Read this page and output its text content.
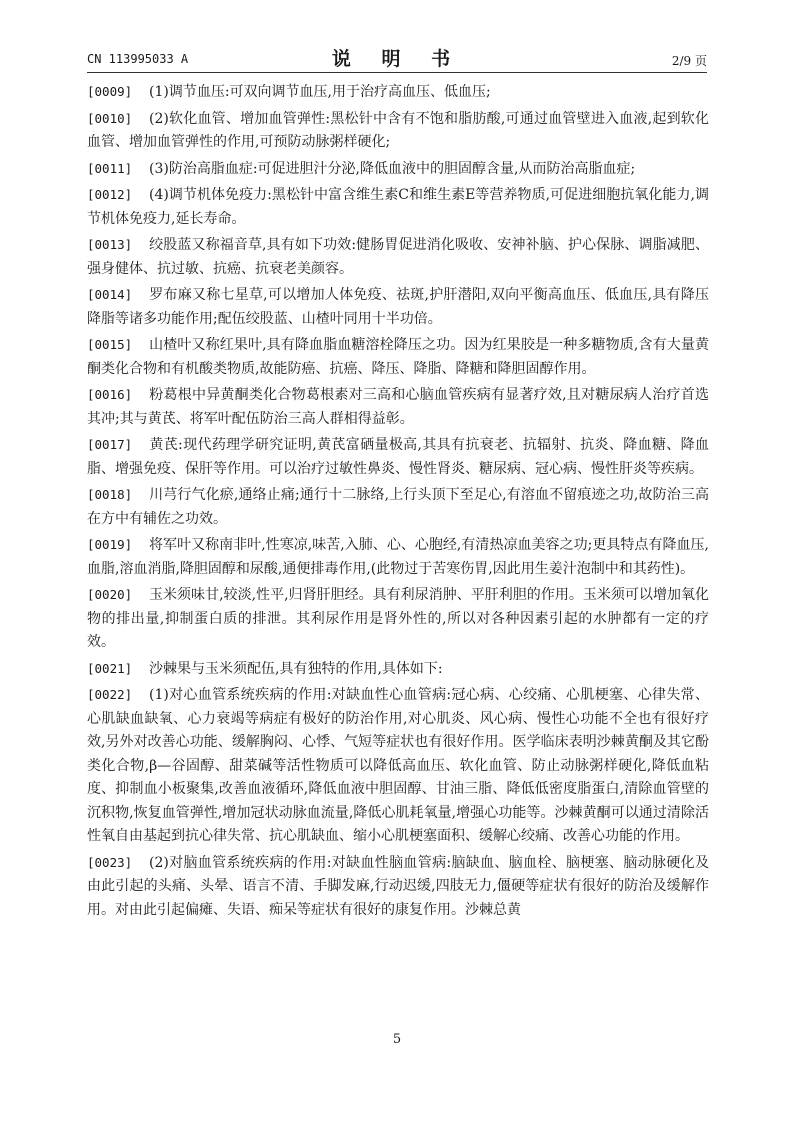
CN 113995033 A	说 明 书	2/9 页
[0009] (1)调节血压:可双向调节血压,用于治疗高血压、低血压;
[0010] (2)软化血管、增加血管弹性:黑松针中含有不饱和脂肪酸,可通过血管壁进入血液,起到软化血管、增加血管弹性的作用,可预防动脉粥样硬化;
[0011] (3)防治高脂血症:可促进胆汁分泌,降低血液中的胆固醇含量,从而防治高脂血症;
[0012] (4)调节机体免疫力:黑松针中富含维生素C和维生素E等营养物质,可促进细胞抗氧化能力,调节机体免疫力,延长寿命。
[0013] 绞股蓝又称福音草,具有如下功效:健肠胃促进消化吸收、安神补脑、护心保脉、调脂减肥、强身健体、抗过敏、抗癌、抗衰老美颜容。
[0014] 罗布麻又称七星草,可以增加人体免疫、祛斑,护肝潜阳,双向平衡高血压、低血压,具有降压降脂等诸多功能作用;配伍绞股蓝、山楂叶同用十半功倍。
[0015] 山楂叶又称红果叶,具有降血脂血糖溶栓降压之功。因为红果胶是一种多糖物质,含有大量黄酮类化合物和有机酸类物质,故能防癌、抗癌、降压、降脂、降糖和降胆固醇作用。
[0016] 粉葛根中异黄酮类化合物葛根素对三高和心脑血管疾病有显著疗效,且对糖尿病人治疗首选其冲;其与黄芪、将军叶配伍防治三高人群相得益彰。
[0017] 黄芪:现代药理学研究证明,黄芪富硒量极高,其具有抗衰老、抗辐射、抗炎、降血糖、降血脂、增强免疫、保肝等作用。可以治疗过敏性鼻炎、慢性肾炎、糖尿病、冠心病、慢性肝炎等疾病。
[0018] 川芎行气化瘀,通络止痛;通行十二脉络,上行头顶下至足心,有溶血不留痕迹之功,故防治三高在方中有辅佐之功效。
[0019] 将军叶又称南非叶,性寒凉,味苦,入肺、心、心胞经,有清热凉血美容之功;更具特点有降血压,血脂,溶血消脂,降胆固醇和尿酸,通便排毒作用,(此物过于苦寒伤胃,因此用生姜汁泡制中和其药性)。
[0020] 玉米须味甘,较淡,性平,归肾肝胆经。具有利尿消肿、平肝利胆的作用。玉米须可以增加氧化物的排出量,抑制蛋白质的排泄。其利尿作用是肾外性的,所以对各种因素引起的水肿都有一定的疗效。
[0021] 沙棘果与玉米须配伍,具有独特的作用,具体如下:
[0022] (1)对心血管系统疾病的作用:对缺血性心血管病:冠心病、心绞痛、心肌梗塞、心律失常、心肌缺血缺氧、心力衰竭等病症有极好的防治作用,对心肌炎、风心病、慢性心功能不全也有很好疗效,另外对改善心功能、缓解胸闷、心悸、气短等症状也有很好作用。医学临床表明沙棘黄酮及其它酚类化合物,β—谷固醇、甜菜碱等活性物质可以降低高血压、软化血管、防止动脉粥样硬化,降低血粘度、抑制血小板聚集,改善血液循环,降低血液中胆固醇、甘油三脂、降低低密度脂蛋白,清除血管壁的沉积物,恢复血管弹性,增加冠状动脉血流量,降低心肌耗氧量,增强心功能等。沙棘黄酮可以通过清除活性氧自由基起到抗心律失常、抗心肌缺血、缩小心肌梗塞面积、缓解心绞痛、改善心功能的作用。
[0023] (2)对脑血管系统疾病的作用:对缺血性脑血管病:脑缺血、脑血栓、脑梗塞、脑动脉硬化及由此引起的头痛、头晕、语言不清、手脚发麻,行动迟缓,四肢无力,僵硬等症状有很好的防治及缓解作用。对由此引起偏瘫、失语、痴呆等症状有很好的康复作用。沙棘总黄
5
